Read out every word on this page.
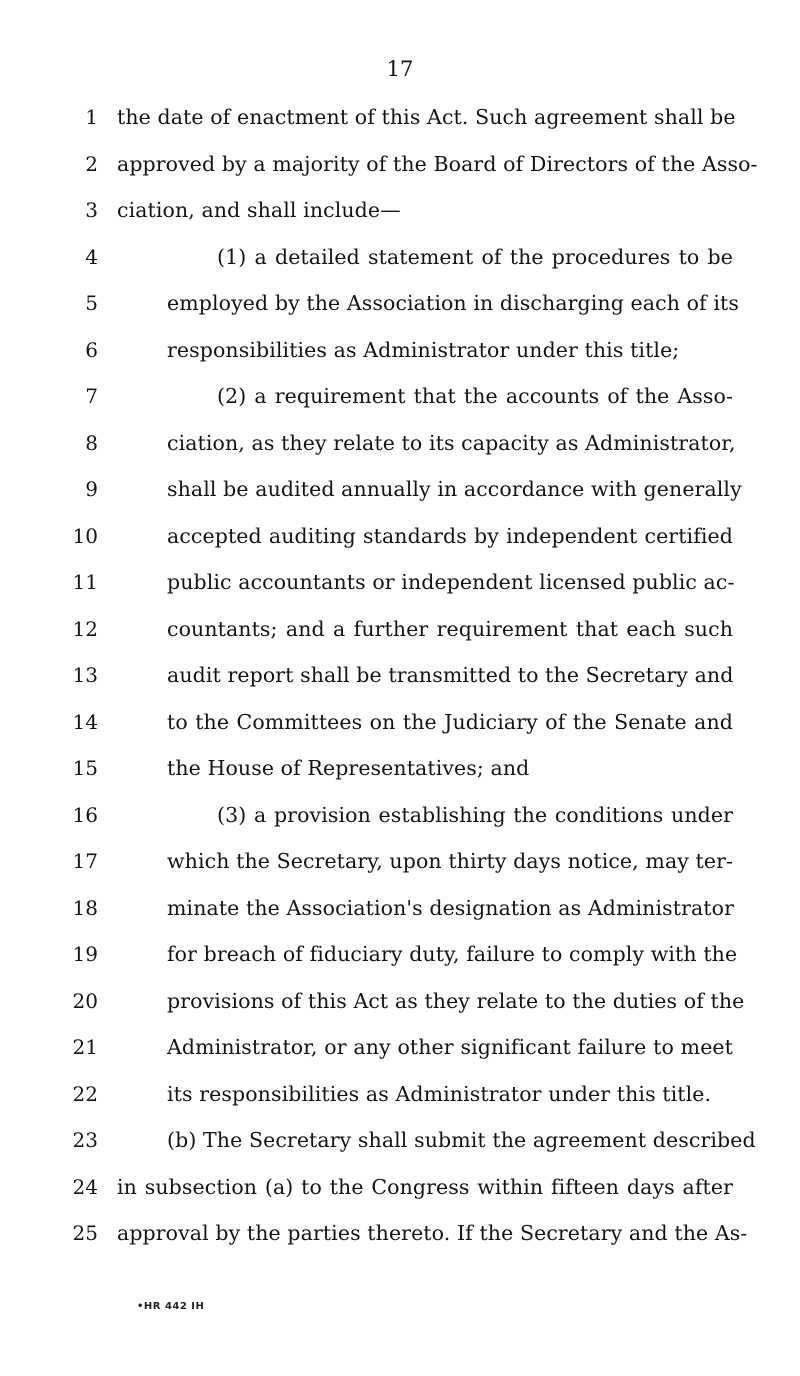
17
1 the date of enactment of this Act. Such agreement shall be
2 approved by a majority of the Board of Directors of the Asso-
3 ciation, and shall include—
4	(1) a detailed statement of the procedures to be
5	employed by the Association in discharging each of its
6	responsibilities as Administrator under this title;
7	(2) a requirement that the accounts of the Asso-
8	ciation, as they relate to its capacity as Administrator,
9	shall be audited annually in accordance with generally
10	accepted auditing standards by independent certified
11	public accountants or independent licensed public ac-
12	countants; and a further requirement that each such
13	audit report shall be transmitted to the Secretary and
14	to the Committees on the Judiciary of the Senate and
15	the House of Representatives; and
16	(3) a provision establishing the conditions under
17	which the Secretary, upon thirty days notice, may ter-
18	minate the Association's designation as Administrator
19	for breach of fiduciary duty, failure to comply with the
20	provisions of this Act as they relate to the duties of the
21	Administrator, or any other significant failure to meet
22	its responsibilities as Administrator under this title.
23	(b) The Secretary shall submit the agreement described
24 in subsection (a) to the Congress within fifteen days after
25 approval by the parties thereto. If the Secretary and the As-
•HR 442 IH
